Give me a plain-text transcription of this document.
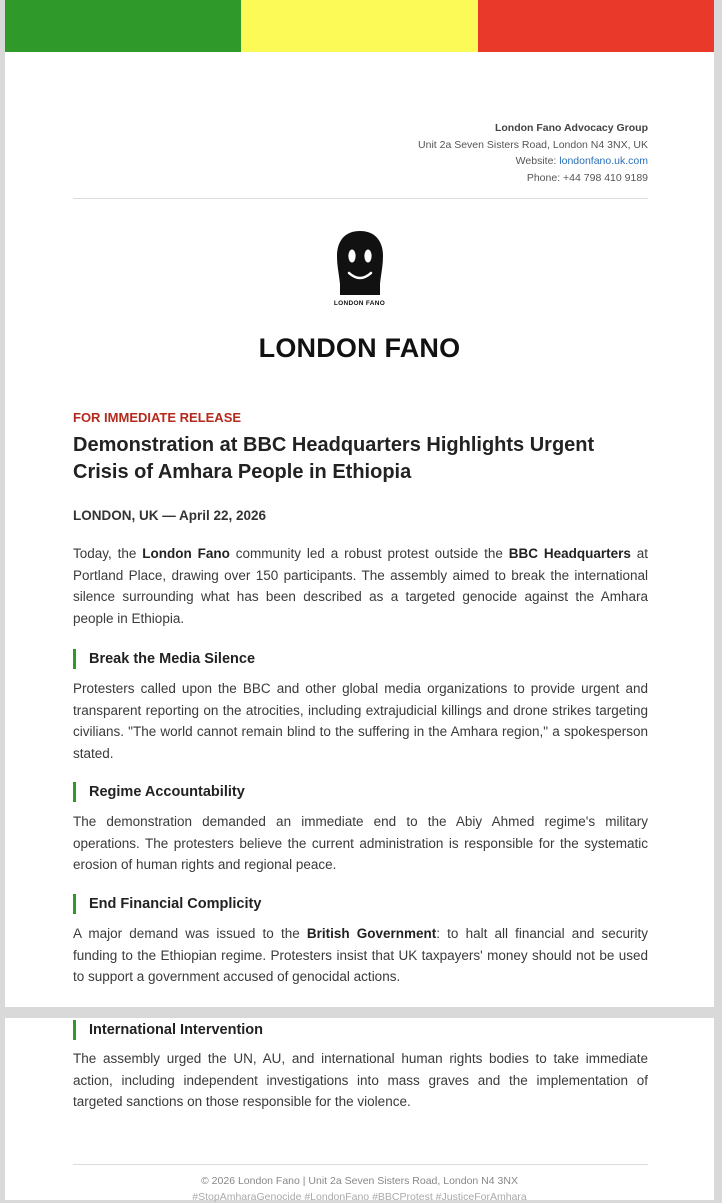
London Fano Advocacy Group
Unit 2a Seven Sisters Road, London N4 3NX, UK
Website: londonfano.uk.com
Phone: +44 798 410 9189
LONDON FANO
LONDON FANO
FOR IMMEDIATE RELEASE
Demonstration at BBC Headquarters Highlights Urgent Crisis of Amhara People in Ethiopia
LONDON, UK — April 22, 2026
Today, the London Fano community led a robust protest outside the BBC Headquarters at Portland Place, drawing over 150 participants. The assembly aimed to break the international silence surrounding what has been described as a targeted genocide against the Amhara people in Ethiopia.
Break the Media Silence
Protesters called upon the BBC and other global media organizations to provide urgent and transparent reporting on the atrocities, including extrajudicial killings and drone strikes targeting civilians. "The world cannot remain blind to the suffering in the Amhara region," a spokesperson stated.
Regime Accountability
The demonstration demanded an immediate end to the Abiy Ahmed regime's military operations. The protesters believe the current administration is responsible for the systematic erosion of human rights and regional peace.
End Financial Complicity
A major demand was issued to the British Government: to halt all financial and security funding to the Ethiopian regime. Protesters insist that UK taxpayers' money should not be used to support a government accused of genocidal actions.
International Intervention
The assembly urged the UN, AU, and international human rights bodies to take immediate action, including independent investigations into mass graves and the implementation of targeted sanctions on those responsible for the violence.
© 2026 London Fano | Unit 2a Seven Sisters Road, London N4 3NX
#StopAmharaGenocide #LondonFano #BBCProtest #JusticeForAmhara
